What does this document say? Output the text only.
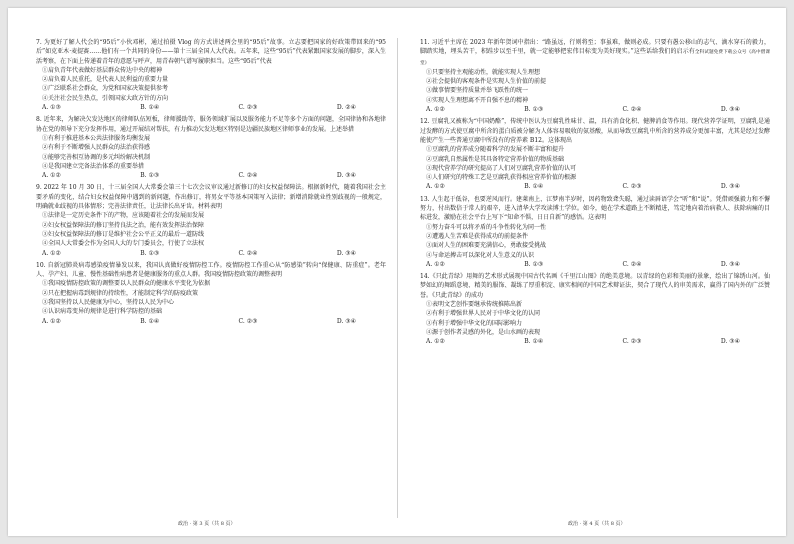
7. 为更好了解人代会的“95后”小伙邓彬，通过拍摄 Vlog 的方式讲述两会里的“95后”故事。立志要把国家的好政策带回来的“95后”如克亚木·麦提赛……他们有一个共同的身份——第十三届全国人大代表。五年来，这些“95后”代表紧跟国家发展的脚步，深入生活考察，在下面上传递着青年的意愿与呼声，用青春朝气谱写履职担当。这些“95后”代表

①肩负青年代表做好基层群众传达中央的精神

②肩负着人民重托，是代表人民利益的重要力量

③广泛联系社会群众，为党和国家决策提供参考

④关注社会民生热点，引领国家大政方针的方向

A. ①③	B. ①④	C. ②③	D. ②④

8. 近年来，为解决欠发达地区的律师队伍短板，律师援助等，服务领域扩展以及服务能力不足等多个方面的问题，全国律协和各地律协在党的领导下充分发挥作用，通过开展结对帮扶，有力推动欠发达地区特别是边疆民族地区律师事业的发展。上述举措

①有利于推进基本公共法律服务均衡发展

②有利于不断增强人民群众的法治获得感

③能够完善相互协调的多元纠纷解决机制

④是我国建立完备法治体系的重要举措

A. ①②	B. ①③	C. ②④	D. ③④

9. 2022 年 10 月 30 日，十三届全国人大常委会第三十七次会议审议通过新修订的妇女权益保障法。根据新时代，随着我国社会主要矛盾的变化，结合妇女权益保障中遇到的新问题，作出修订，将男女平等基本国策写入法律；新增消除就业性别歧视的一般规定，明确就业歧视的具体情形；完善法律责任，让法律长出牙齿。材料表明

①法律是一定历史条件下的产物，应该随着社会的发展而发展

②妇女权益保障法的修订坚持良法之治，能有效发挥法治保障

③妇女权益保障法的修订是维护社会公平正义的最后一道防线

④全国人大常委会作为全国人大的专门委员会，行使了立法权

A. ①②	B. ①③	C. ②④	D. ③④

10. 自新冠肺炎病毒感染疫情暴发以来，我国认真做好疫情防控工作。疫情防控工作重心从“防感染”转向“保健康、防重症”。老年人、孕产妇、儿童、慢性基础性病患者是健康服务的重点人群。我国疫情防控政策的调整表明

①我国疫情防控政策的调整要以人民群众的健康水平变化为依据

②只在把握病毒到规律的持续性，才能制定科学的防疫政策

③我国坚持以人民健康为中心，坚持以人民为中心

④认识病毒变异的规律是进行科学防控的基础

A. ①②	B. ①④	C. ②③	D. ③④

11. 习近平主席在 2023 年新年贺词中指出：“路虽远，行则将至；事虽难，做则必成。只要有愚公移山的志气、滴水穿石的毅力，脚踏实地，埋头苦干，积跬步以至千里，就一定能够把宏伟目标变为美好现实。”这些话给我们的启示有全科试题免费下载公众号《高中僧课堂》

①只要坚持主观能动性，就能实现人生理想

②社会提供的客观条件是实现人生价值的前提

③做事情要坚持质量并举飞跃性的统一

④实现人生理想离不开自强不息的精神

A. ①②	B. ①③	C. ②④	D. ③④

12. 豆腐乳又被称为“中国奶酪”，传统中医认为豆腐乳性味甘、温，具有消食化积、健脾消食等作用。现代营养学证明，豆腐乳是通过发酵的方式使豆腐中所含的蛋白质被分解为人体容易吸收的氨基酸，从而导致豆腐乳中所含的营养成分更加丰富，尤其是经过发酵能使产生一些普通豆腐中所没有的营养素 B12。这体现出

①豆腐乳的营养成分随着科学的发展不断丰富和提升

②豆腐乳自然属性是其具备特定营养价值的物质基础

③现代营养学的研究提高了人们对豆腐乳营养价值的认可

④人们研究的特殊工艺是豆腐乳获得相应营养价值的根源

A. ①②	B. ①④	C. ②③	D. ③④

13. 人生起于低谷，也要逆风而行。建莱南上、江梦南半岁时，因药物致聋失聪，通过读唇语学会“听”和“说”。凭借顽强毅力和不懈努力，付出数倍于常人的艰辛，进入清华大学攻读博士学位。如今，她在学术道路上不断精进，笃定地向着治病救人、扶除病痛的目标进发，激励在社会平台上写下“知命不惧，日日自新”的感悟。这表明

①努力奋斗可以将矛盾的斗争性转化为同一性

②遭遇人生苦难是获得成功的前提条件

③面对人生的困难要充满信心，勇敢接受挑战

④与命运搏击可以深化对人生意义的认识

A. ①②	B. ①③	C. ②④	D. ③④

14.《只此青绿》用舞的艺术形式展现中国古代名画《千里江山图》的绝美意境。以青绿的色彩和美丽的景象，绘出了锦绣山河。仙梦如幻的舞蹈意境、精美的服饰、凝练了厚重积淀、康实相间的中国艺术辩证法，契合了现代人的审美需求，赢得了国内外的广泛赞誉。《只此青绿》的成功

①表明文艺创作要继承传统推陈出新

②有利于增强世界人民对于中华文化的认同

③有利于增强中华文化的国际影响力

④源于创作者灵感的外化，是山水画的表现

A. ①②	B. ①④	C. ②③	D. ③④

政治 · 第 3 页（共 8 页）	政治 · 第 4 页（共 8 页）
